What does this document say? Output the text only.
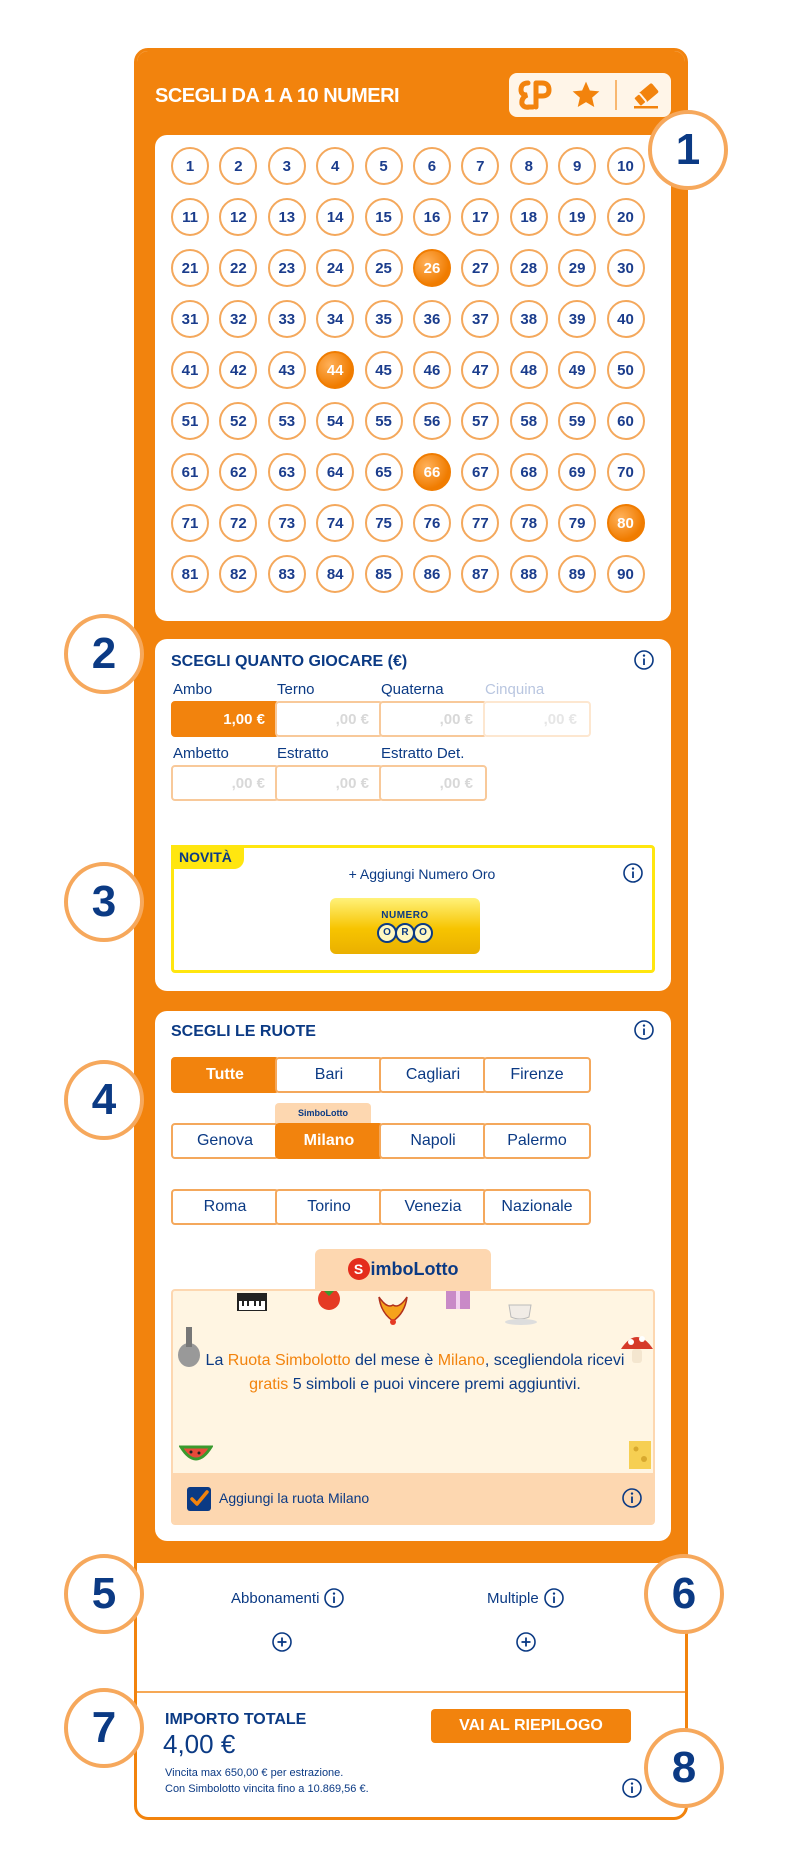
SCEGLI DA 1 A 10 NUMERI
1	2	3	4	5	6	7	8	9	10
11	12	13	14	15	16	17	18	19	20
21	22	23	24	25	26	27	28	29	30
31	32	33	34	35	36	37	38	39	40
41	42	43	44	45	46	47	48	49	50
51	52	53	54	55	56	57	58	59	60
61	62	63	64	65	66	67	68	69	70
71	72	73	74	75	76	77	78	79	80
81	82	83	84	85	86	87	88	89	90
SCEGLI QUANTO GIOCARE (€)
Ambo
1,00 €
Terno
,00 €
Quaterna
,00 €
Cinquina
,00 €
Ambetto
,00 €
Estratto
,00 €
Estratto Det.
,00 €
NOVITÀ
+ Aggiungi Numero Oro
NUMERO
O	R	O
SCEGLI LE RUOTE
Tutte	Bari	Cagliari	Firenze
Genova	Milano	Napoli	Palermo
Roma	Torino	Venezia	Nazionale
SimboLotto
S imboLotto
La Ruota Simbolotto del mese è Milano, scegliendola ricevi gratis 5 simboli e puoi vincere premi aggiuntivi.
Aggiungi la ruota Milano
Abbonamenti	Multiple
IMPORTO TOTALE
4,00 €
VAI AL RIEPILOGO
Vincita max 650,00 € per estrazione.
Con Simbolotto vincita fino a 10.869,56 €.
1
2
3
4
5	6
7
8
